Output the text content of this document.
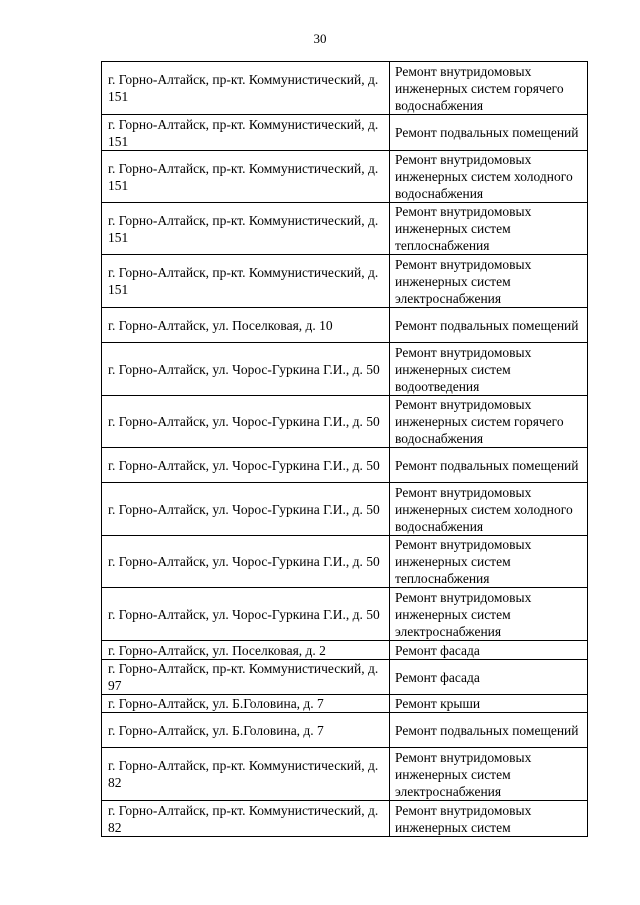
30
г. Горно-Алтайск, пр-кт. Коммунистический, д. 151	Ремонт внутридомовых инженерных систем горячего водоснабжения
г. Горно-Алтайск, пр-кт. Коммунистический, д. 151	Ремонт подвальных помещений
г. Горно-Алтайск, пр-кт. Коммунистический, д. 151	Ремонт внутридомовых инженерных систем холодного водоснабжения
г. Горно-Алтайск, пр-кт. Коммунистический, д. 151	Ремонт внутридомовых инженерных систем теплоснабжения
г. Горно-Алтайск, пр-кт. Коммунистический, д. 151	Ремонт внутридомовых инженерных систем электроснабжения
г. Горно-Алтайск, ул. Поселковая, д. 10	Ремонт подвальных помещений
г. Горно-Алтайск, ул. Чорос-Гуркина Г.И., д. 50	Ремонт внутридомовых инженерных систем водоотведения
г. Горно-Алтайск, ул. Чорос-Гуркина Г.И., д. 50	Ремонт внутридомовых инженерных систем горячего водоснабжения
г. Горно-Алтайск, ул. Чорос-Гуркина Г.И., д. 50	Ремонт подвальных помещений
г. Горно-Алтайск, ул. Чорос-Гуркина Г.И., д. 50	Ремонт внутридомовых инженерных систем холодного водоснабжения
г. Горно-Алтайск, ул. Чорос-Гуркина Г.И., д. 50	Ремонт внутридомовых инженерных систем теплоснабжения
г. Горно-Алтайск, ул. Чорос-Гуркина Г.И., д. 50	Ремонт внутридомовых инженерных систем электроснабжения
г. Горно-Алтайск, ул. Поселковая, д. 2	Ремонт фасада
г. Горно-Алтайск, пр-кт. Коммунистический, д. 97	Ремонт фасада
г. Горно-Алтайск, ул. Б.Головина, д. 7	Ремонт крыши
г. Горно-Алтайск, ул. Б.Головина, д. 7	Ремонт подвальных помещений
г. Горно-Алтайск, пр-кт. Коммунистический, д. 82	Ремонт внутридомовых инженерных систем электроснабжения
г. Горно-Алтайск, пр-кт. Коммунистический, д. 82	Ремонт внутридомовых инженерных систем
